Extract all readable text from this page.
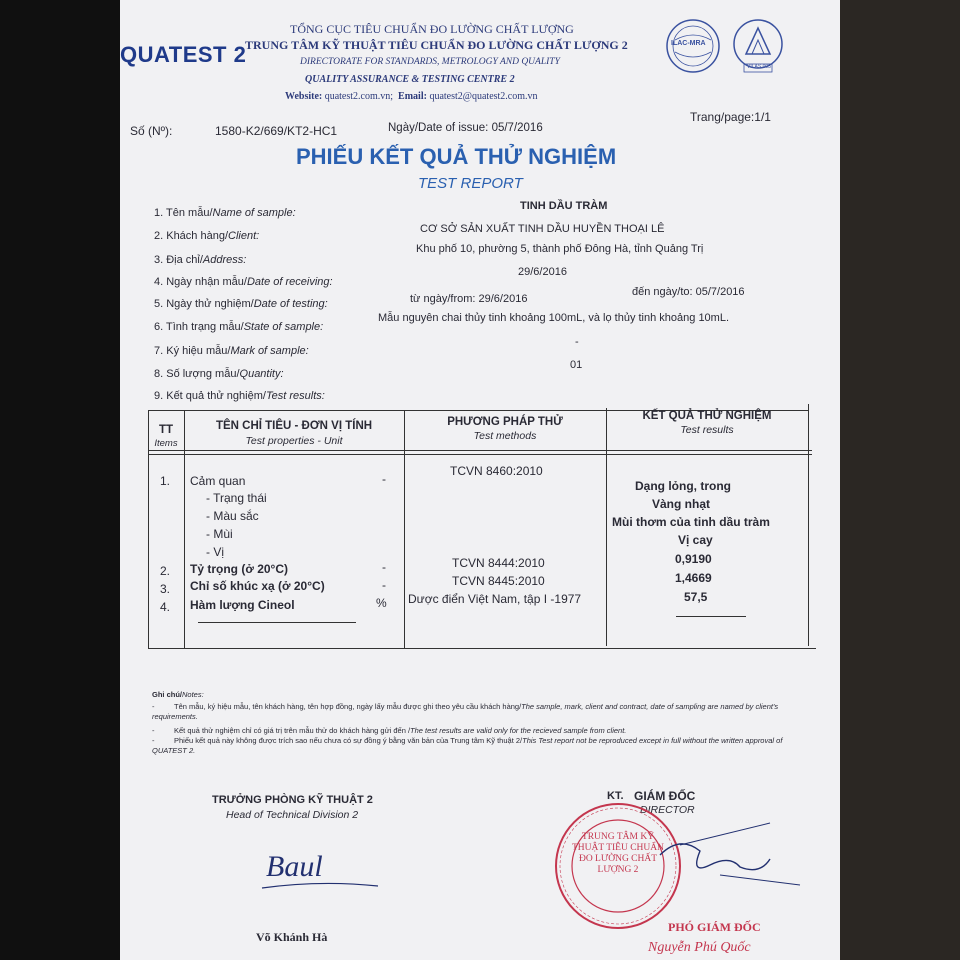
QUATEST 2
TỔNG CỤC TIÊU CHUẨN ĐO LƯỜNG CHẤT LƯỢNG
TRUNG TÂM KỸ THUẬT TIÊU CHUẨN ĐO LƯỜNG CHẤT LƯỢNG 2
DIRECTORATE FOR STANDARDS, METROLOGY AND QUALITY
QUALITY ASSURANCE & TESTING CENTRE 2
Website: quatest2.com.vn; Email: quatest2@quatest2.com.vn
ILAC-MRA
VILAS 003
Số (Nº):	1580-K2/669/KT2-HC1	Ngày/Date of issue: 05/7/2016
Trang/page:1/1
PHIẾU KẾT QUẢ THỬ NGHIỆM
TEST REPORT
1. Tên mẫu/Name of sample:
TINH DẦU TRÀM
2. Khách hàng/Client:
CƠ SỞ SẢN XUẤT TINH DẦU HUYỀN THOẠI LÊ
3. Địa chỉ/Address:
Khu phố 10, phường 5, thành phố Đông Hà, tỉnh Quảng Trị
4. Ngày nhận mẫu/Date of receiving:
29/6/2016
5. Ngày thử nghiệm/Date of testing:	từ ngày/from: 29/6/2016
đến ngày/to: 05/7/2016
6. Tình trạng mẫu/State of sample:
Mẫu nguyên chai thủy tinh khoảng 100mL, và lọ thủy tinh khoảng 10mL.
7. Ký hiệu mẫu/Mark of sample:
-
8. Số lượng mẫu/Quantity:
01
9. Kết quả thử nghiệm/Test results:
TT
Items
TÊN CHỈ TIÊU - ĐƠN VỊ TÍNH
Test properties - Unit
PHƯƠNG PHÁP THỬ
Test methods
KẾT QUẢ THỬ NGHIỆM
Test results
1. Cảm quan	-
TCVN 8460:2010
- Trạng thái
Dạng lỏng, trong
- Màu sắc
Vàng nhạt
- Mùi
Mùi thơm của tinh dầu tràm
- Vị
Vị cay
2. Tỷ trọng (ở 20°C)	-	TCVN 8444:2010	0,9190
3. Chỉ số khúc xạ (ở 20°C)	-	TCVN 8445:2010	1,4669
4. Hàm lượng Cineol	% Dược điển Việt Nam, tập I -1977	57,5
Ghi chú/Notes:
-	Tên mẫu, ký hiệu mẫu, tên khách hàng, tên hợp đồng, ngày lấy mẫu được ghi theo yêu cầu khách hàng/The sample, mark, client and contract, date of sampling are named by client's requirements.
-	Kết quả thử nghiệm chỉ có giá trị trên mẫu thử do khách hàng gửi đến /The test results are valid only for the recieved sample from client.
-	Phiếu kết quả này không được trích sao nếu chưa có sự đồng ý bằng văn bản của Trung tâm Kỹ thuật 2/This Test report not be reproduced except in full without the written approval of QUATEST 2.
TRƯỞNG PHÒNG KỸ THUẬT 2
Head of Technical Division 2
Baul
Võ Khánh Hà
KT. GIÁM ĐỐC
DIRECTOR
TRUNG TÂM KỸ THUẬT TIÊU CHUẨN ĐO LƯỜNG CHẤT LƯỢNG 2
PHÓ GIÁM ĐỐC
Nguyễn Phú Quốc
